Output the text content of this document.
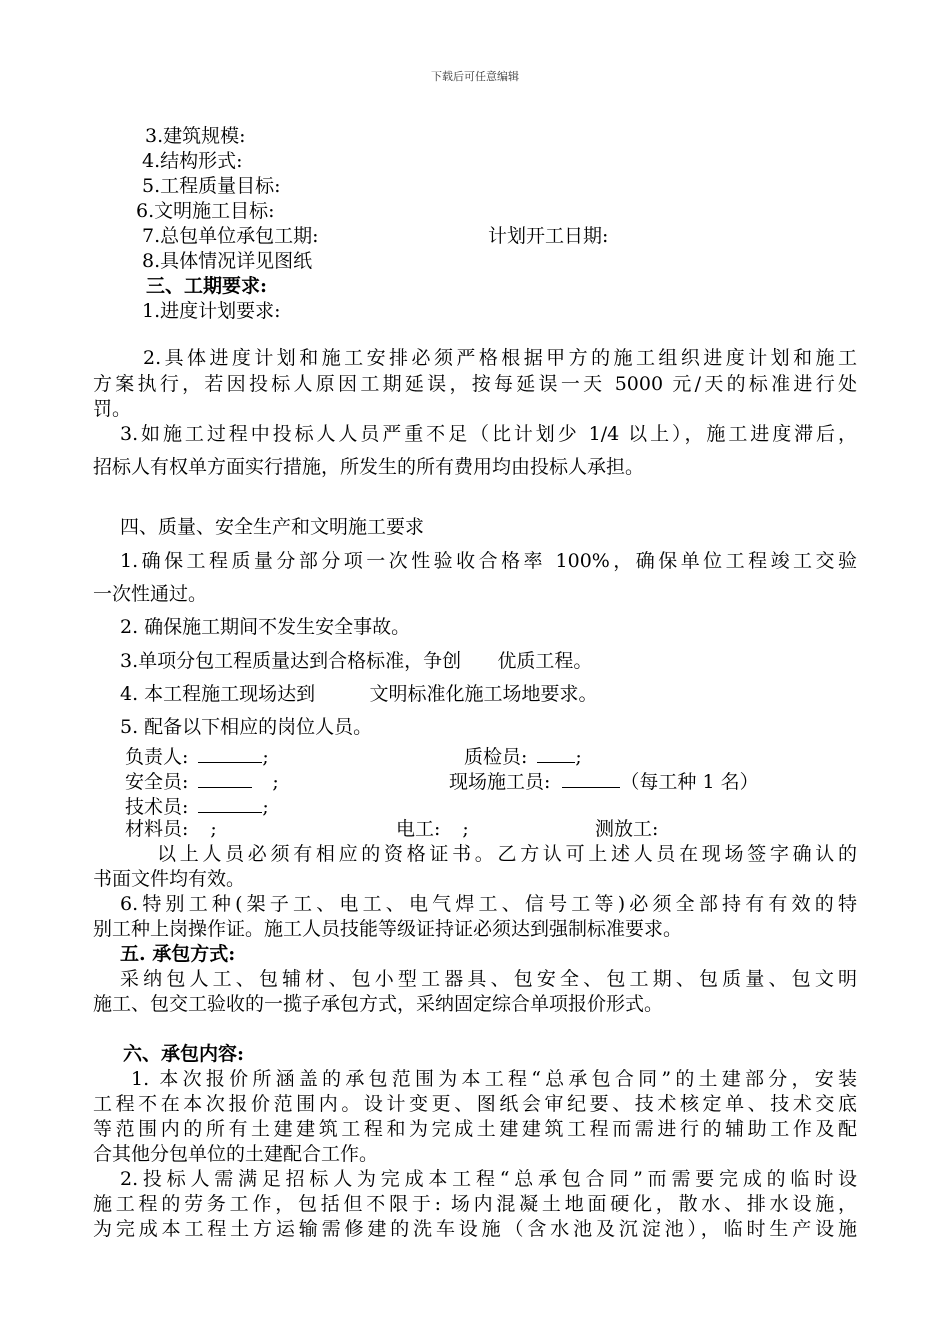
下载后可任意编辑
3.建筑规模:
4.结构形式:
5.工程质量目标:
6.文明施工目标:
7.总包单位承包工期:	计划开工日期:
8.具体情况详见图纸
三、工期要求:
1.进度计划要求:
2.具体进度计划和施工安排必须严格根据甲方的施工组织进度计划和施工
方案执行，若因投标人原因工期延误，按每延误一天 5000 元/天的标准进行处
罚。
3.如施工过程中投标人人员严重不足（比计划少 1/4 以上），施工进度滞后，
招标人有权单方面实行措施，所发生的所有费用均由投标人承担。
四、质量、安全生产和文明施工要求
1.确保工程质量分部分项一次性验收合格率 100%，确保单位工程竣工交验
一次性通过。
2. 确保施工期间不发生安全事故。
3.单项分包工程质量达到合格标准，争创      优质工程。
4. 本工程施工现场达到         文明标准化施工场地要求。
5. 配备以下相应的岗位人员。
负责人:	;	质检员:	;
安全员:	;	现场施工员:	（每工种 1 名）
技术员:	;
材料员: ;	电工: ;	测放工:
以上人员必须有相应的资格证书。乙方认可上述人员在现场签字确认的
书面文件均有效。
6.特别工种(架子工、电工、电气焊工、信号工等)必须全部持有有效的特
别工种上岗操作证。施工人员技能等级证持证必须达到强制标准要求。
五. 承包方式:
采纳包人工、包辅材、包小型工器具、包安全、包工期、包质量、包文明
施工、包交工验收的一揽子承包方式，采纳固定综合单项报价形式。
六、承包内容:
1. 本次报价所涵盖的承包范围为本工程“总承包合同”的土建部分，安装
工程不在本次报价范围内。设计变更、图纸会审纪要、技术核定单、技术交底
等范围内的所有土建建筑工程和为完成土建建筑工程而需进行的辅助工作及配
合其他分包单位的土建配合工作。
2.投标人需满足招标人为完成本工程“总承包合同”而需要完成的临时设
施工程的劳务工作，包括但不限于: 场内混凝土地面硬化，散水、排水设施，
为完成本工程土方运输需修建的洗车设施（含水池及沉淀池），临时生产设施
